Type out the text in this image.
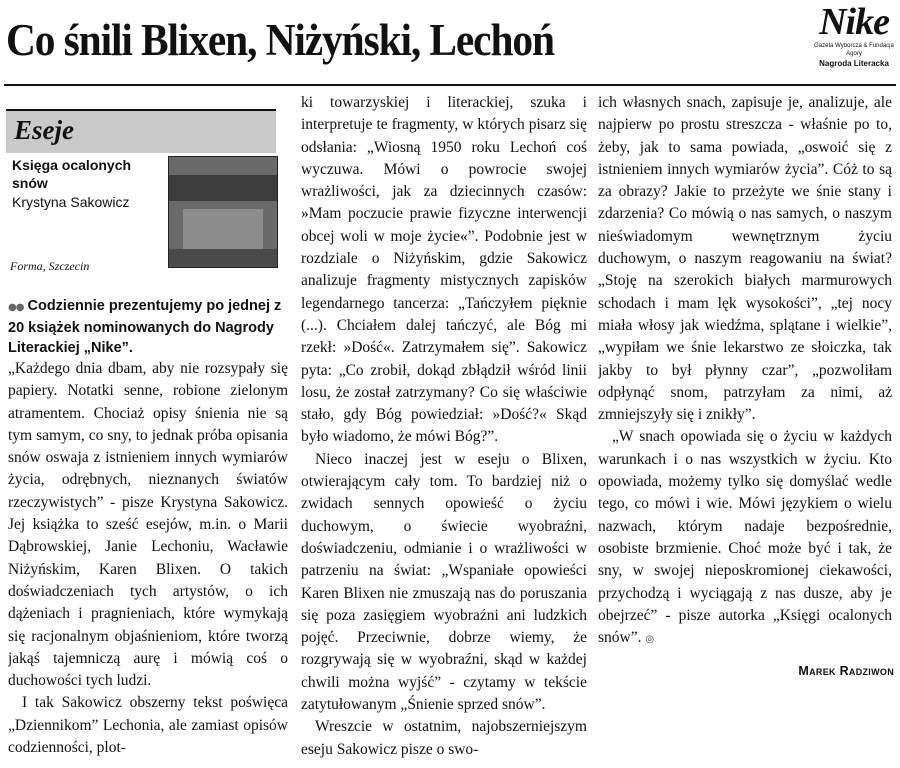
Co śnili Blixen, Niżyński, Lechoń	Nike
Gazeta Wyborcza & Fundacja Agory
Nagroda Literacka
Eseje
Księga ocalonych snów
Krystyna Sakowicz
Forma, Szczecin

●● Codziennie prezentujemy po jednej z 20 książek nominowanych do Nagrody Literackiej „Nike”.

„Każdego dnia dbam, aby nie rozsypały się papiery. Notatki senne, robione zielonym atramentem. Chociaż opisy śnienia nie są tym samym, co sny, to jednak próba opisania snów oswaja z istnieniem innych wymiarów życia, odrębnych, nieznanych światów rzeczywistych” - pisze Krystyna Sakowicz. Jej książka to sześć esejów, m.in. o Marii Dąbrowskiej, Janie Lechoniu, Wacławie Niżyńskim, Karen Blixen. O takich doświadczeniach tych artystów, o ich dążeniach i pragnieniach, które wymykają się racjonalnym objaśnieniom, które tworzą jakąś tajemniczą aurę i mówią coś o duchowości tych ludzi.

I tak Sakowicz obszerny tekst poświęca „Dziennikom” Lechonia, ale zamiast opisów codzienności, plot-

ki towarzyskiej i literackiej, szuka i interpretuje te fragmenty, w których pisarz się odsłania: „Wiosną 1950 roku Lechoń coś wyczuwa. Mówi o powrocie swojej wrażliwości, jak za dziecinnych czasów: »Mam poczucie prawie fizyczne interwencji obcej woli w moje życie«”. Podobnie jest w rozdziale o Niżyńskim, gdzie Sakowicz analizuje fragmenty mistycznych zapisków legendarnego tancerza: „Tańczyłem pięknie (...). Chciałem dalej tańczyć, ale Bóg mi rzekł: »Dość«. Zatrzymałem się”. Sakowicz pyta: „Co zrobił, dokąd zbłądził wśród linii losu, że został zatrzymany? Co się właściwie stało, gdy Bóg powiedział: »Dość?« Skąd było wiadomo, że mówi Bóg?”.

Nieco inaczej jest w eseju o Blixen, otwierającym cały tom. To bardziej niż o zwidach sennych opowieść o życiu duchowym, o świecie wyobraźni, doświadczeniu, odmianie i o wrażliwości w patrzeniu na świat: „Wspaniałe opowieści Karen Blixen nie zmuszają nas do poruszania się poza zasięgiem wyobraźni ani ludzkich pojęć. Przeciwnie, dobrze wiemy, że rozgrywają się w wyobraźni, skąd w każdej chwili można wyjść” - czytamy w tekście zatytułowanym „Śnienie sprzed snów”.

Wreszcie w ostatnim, najobszerniejszym eseju Sakowicz pisze o swo-

ich własnych snach, zapisuje je, analizuje, ale najpierw po prostu streszcza - właśnie po to, żeby, jak to sama powiada, „oswoić się z istnieniem innych wymiarów życia”. Cóż to są za obrazy? Jakie to przeżyte we śnie stany i zdarzenia? Co mówią o nas samych, o naszym nieświadomym wewnętrznym życiu duchowym, o naszym reagowaniu na świat? „Stoję na szerokich białych marmurowych schodach i mam lęk wysokości”, „tej nocy miała włosy jak wiedźma, splątane i wielkie”, „wypiłam we śnie lekarstwo ze słoiczka, tak jakby to był płynny czar”, „pozwoliłam odpłynąć snom, patrzyłam za nimi, aż zmniejszyły się i znikły”.

„W snach opowiada się o życiu w każdych warunkach i o nas wszystkich w życiu. Kto opowiada, możemy tylko się domyślać wedle tego, co mówi i wie. Mówi językiem o wielu nazwach, którym nadaje bezpośrednie, osobiste brzmienie. Choć może być i tak, że sny, w swojej nieposkromionej ciekawości, przychodzą i wyciągają z nas dusze, aby je obejrzeć” - pisze autorka „Księgi ocalonych snów”. ◎

Marek Radziwon
